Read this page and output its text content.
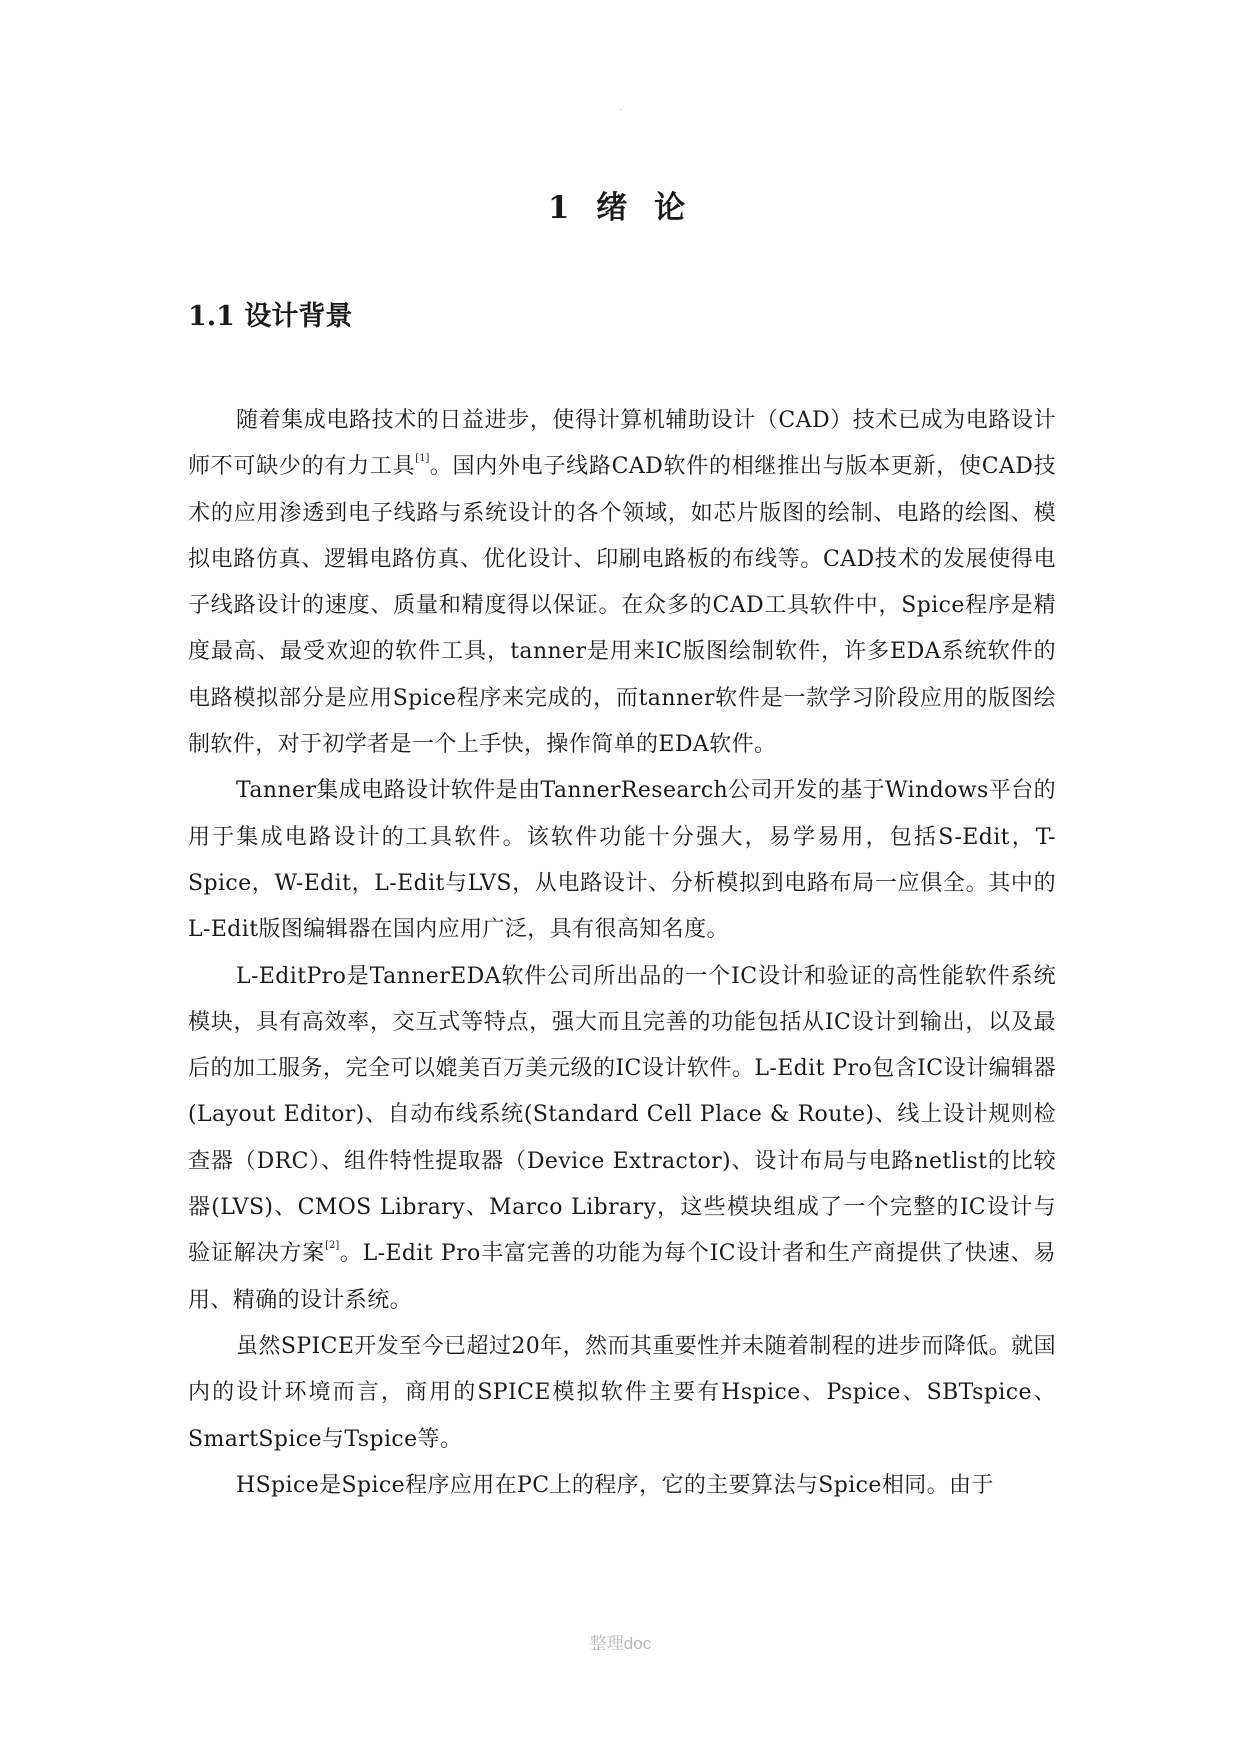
·
1 绪 论
1.1 设计背景

随着集成电路技术的日益进步，使得计算机辅助设计（CAD）技术已成为电路设计师不可缺少的有力工具[1]。国内外电子线路CAD软件的相继推出与版本更新，使CAD技术的应用渗透到电子线路与系统设计的各个领域，如芯片版图的绘制、电路的绘图、模拟电路仿真、逻辑电路仿真、优化设计、印刷电路板的布线等。CAD技术的发展使得电子线路设计的速度、质量和精度得以保证。在众多的CAD工具软件中，Spice程序是精度最高、最受欢迎的软件工具，tanner是用来IC版图绘制软件，许多EDA系统软件的电路模拟部分是应用Spice程序来完成的，而tanner软件是一款学习阶段应用的版图绘制软件，对于初学者是一个上手快，操作简单的EDA软件。

Tanner集成电路设计软件是由TannerResearch公司开发的基于Windows平台的用于集成电路设计的工具软件。该软件功能十分强大，易学易用，包括S-Edit，T-Spice，W-Edit，L-Edit与LVS，从电路设计、分析模拟到电路布局一应俱全。其中的L-Edit版图编辑器在国内应用广泛，具有很高知名度。

L-EditPro是TannerEDA软件公司所出品的一个IC设计和验证的高性能软件系统模块，具有高效率，交互式等特点，强大而且完善的功能包括从IC设计到输出，以及最后的加工服务，完全可以媲美百万美元级的IC设计软件。L-Edit Pro包含IC设计编辑器(Layout Editor)、自动布线系统(Standard Cell Place & Route)、线上设计规则检查器（DRC）、组件特性提取器（Device Extractor)、设计布局与电路netlist的比较器(LVS)、CMOS Library、Marco Library，这些模块组成了一个完整的IC设计与验证解决方案[2]。L-Edit Pro丰富完善的功能为每个IC设计者和生产商提供了快速、易用、精确的设计系统。

虽然SPICE开发至今已超过20年，然而其重要性并未随着制程的进步而降低。就国内的设计环境而言，商用的SPICE模拟软件主要有Hspice、Pspice、SBTspice、SmartSpice与Tspice等。

HSpice是Spice程序应用在PC上的程序，它的主要算法与Spice相同。由于

整理doc
